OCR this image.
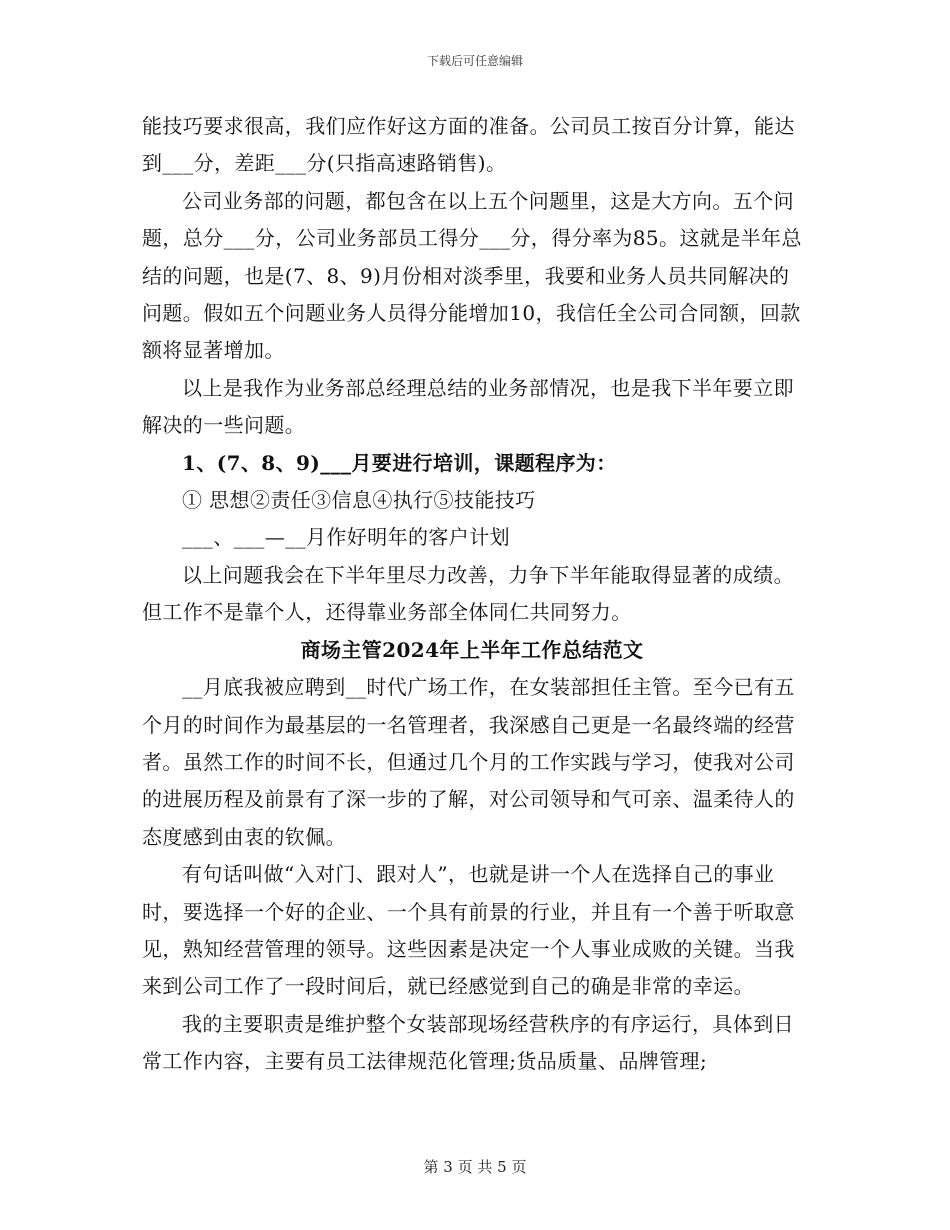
下载后可任意编辑

能技巧要求很高，我们应作好这方面的准备。公司员工按百分计算，能达到___分，差距___分(只指高速路销售)。

公司业务部的问题，都包含在以上五个问题里，这是大方向。五个问题，总分___分，公司业务部员工得分___分，得分率为85。这就是半年总结的问题，也是(7、8、9)月份相对淡季里，我要和业务人员共同解决的问题。假如五个问题业务人员得分能增加10，我信任全公司合同额，回款额将显著增加。

以上是我作为业务部总经理总结的业务部情况，也是我下半年要立即解决的一些问题。

1、(7、8、9)___月要进行培训，课题程序为：

① 思想②责任③信息④执行⑤技能技巧

___、___—__月作好明年的客户计划

以上问题我会在下半年里尽力改善，力争下半年能取得显著的成绩。但工作不是靠个人，还得靠业务部全体同仁共同努力。

商场主管2024年上半年工作总结范文

__月底我被应聘到__时代广场工作，在女装部担任主管。至今已有五个月的时间作为最基层的一名管理者，我深感自己更是一名最终端的经营者。虽然工作的时间不长，但通过几个月的工作实践与学习，使我对公司的进展历程及前景有了深一步的了解，对公司领导和气可亲、温柔待人的态度感到由衷的钦佩。

有句话叫做“入对门、跟对人”，也就是讲一个人在选择自己的事业时，要选择一个好的企业、一个具有前景的行业，并且有一个善于听取意见，熟知经营管理的领导。这些因素是决定一个人事业成败的关键。当我来到公司工作了一段时间后，就已经感觉到自己的确是非常的幸运。

我的主要职责是维护整个女装部现场经营秩序的有序运行，具体到日常工作内容，主要有员工法律规范化管理;货品质量、品牌管理;

第 3 页 共 5 页
